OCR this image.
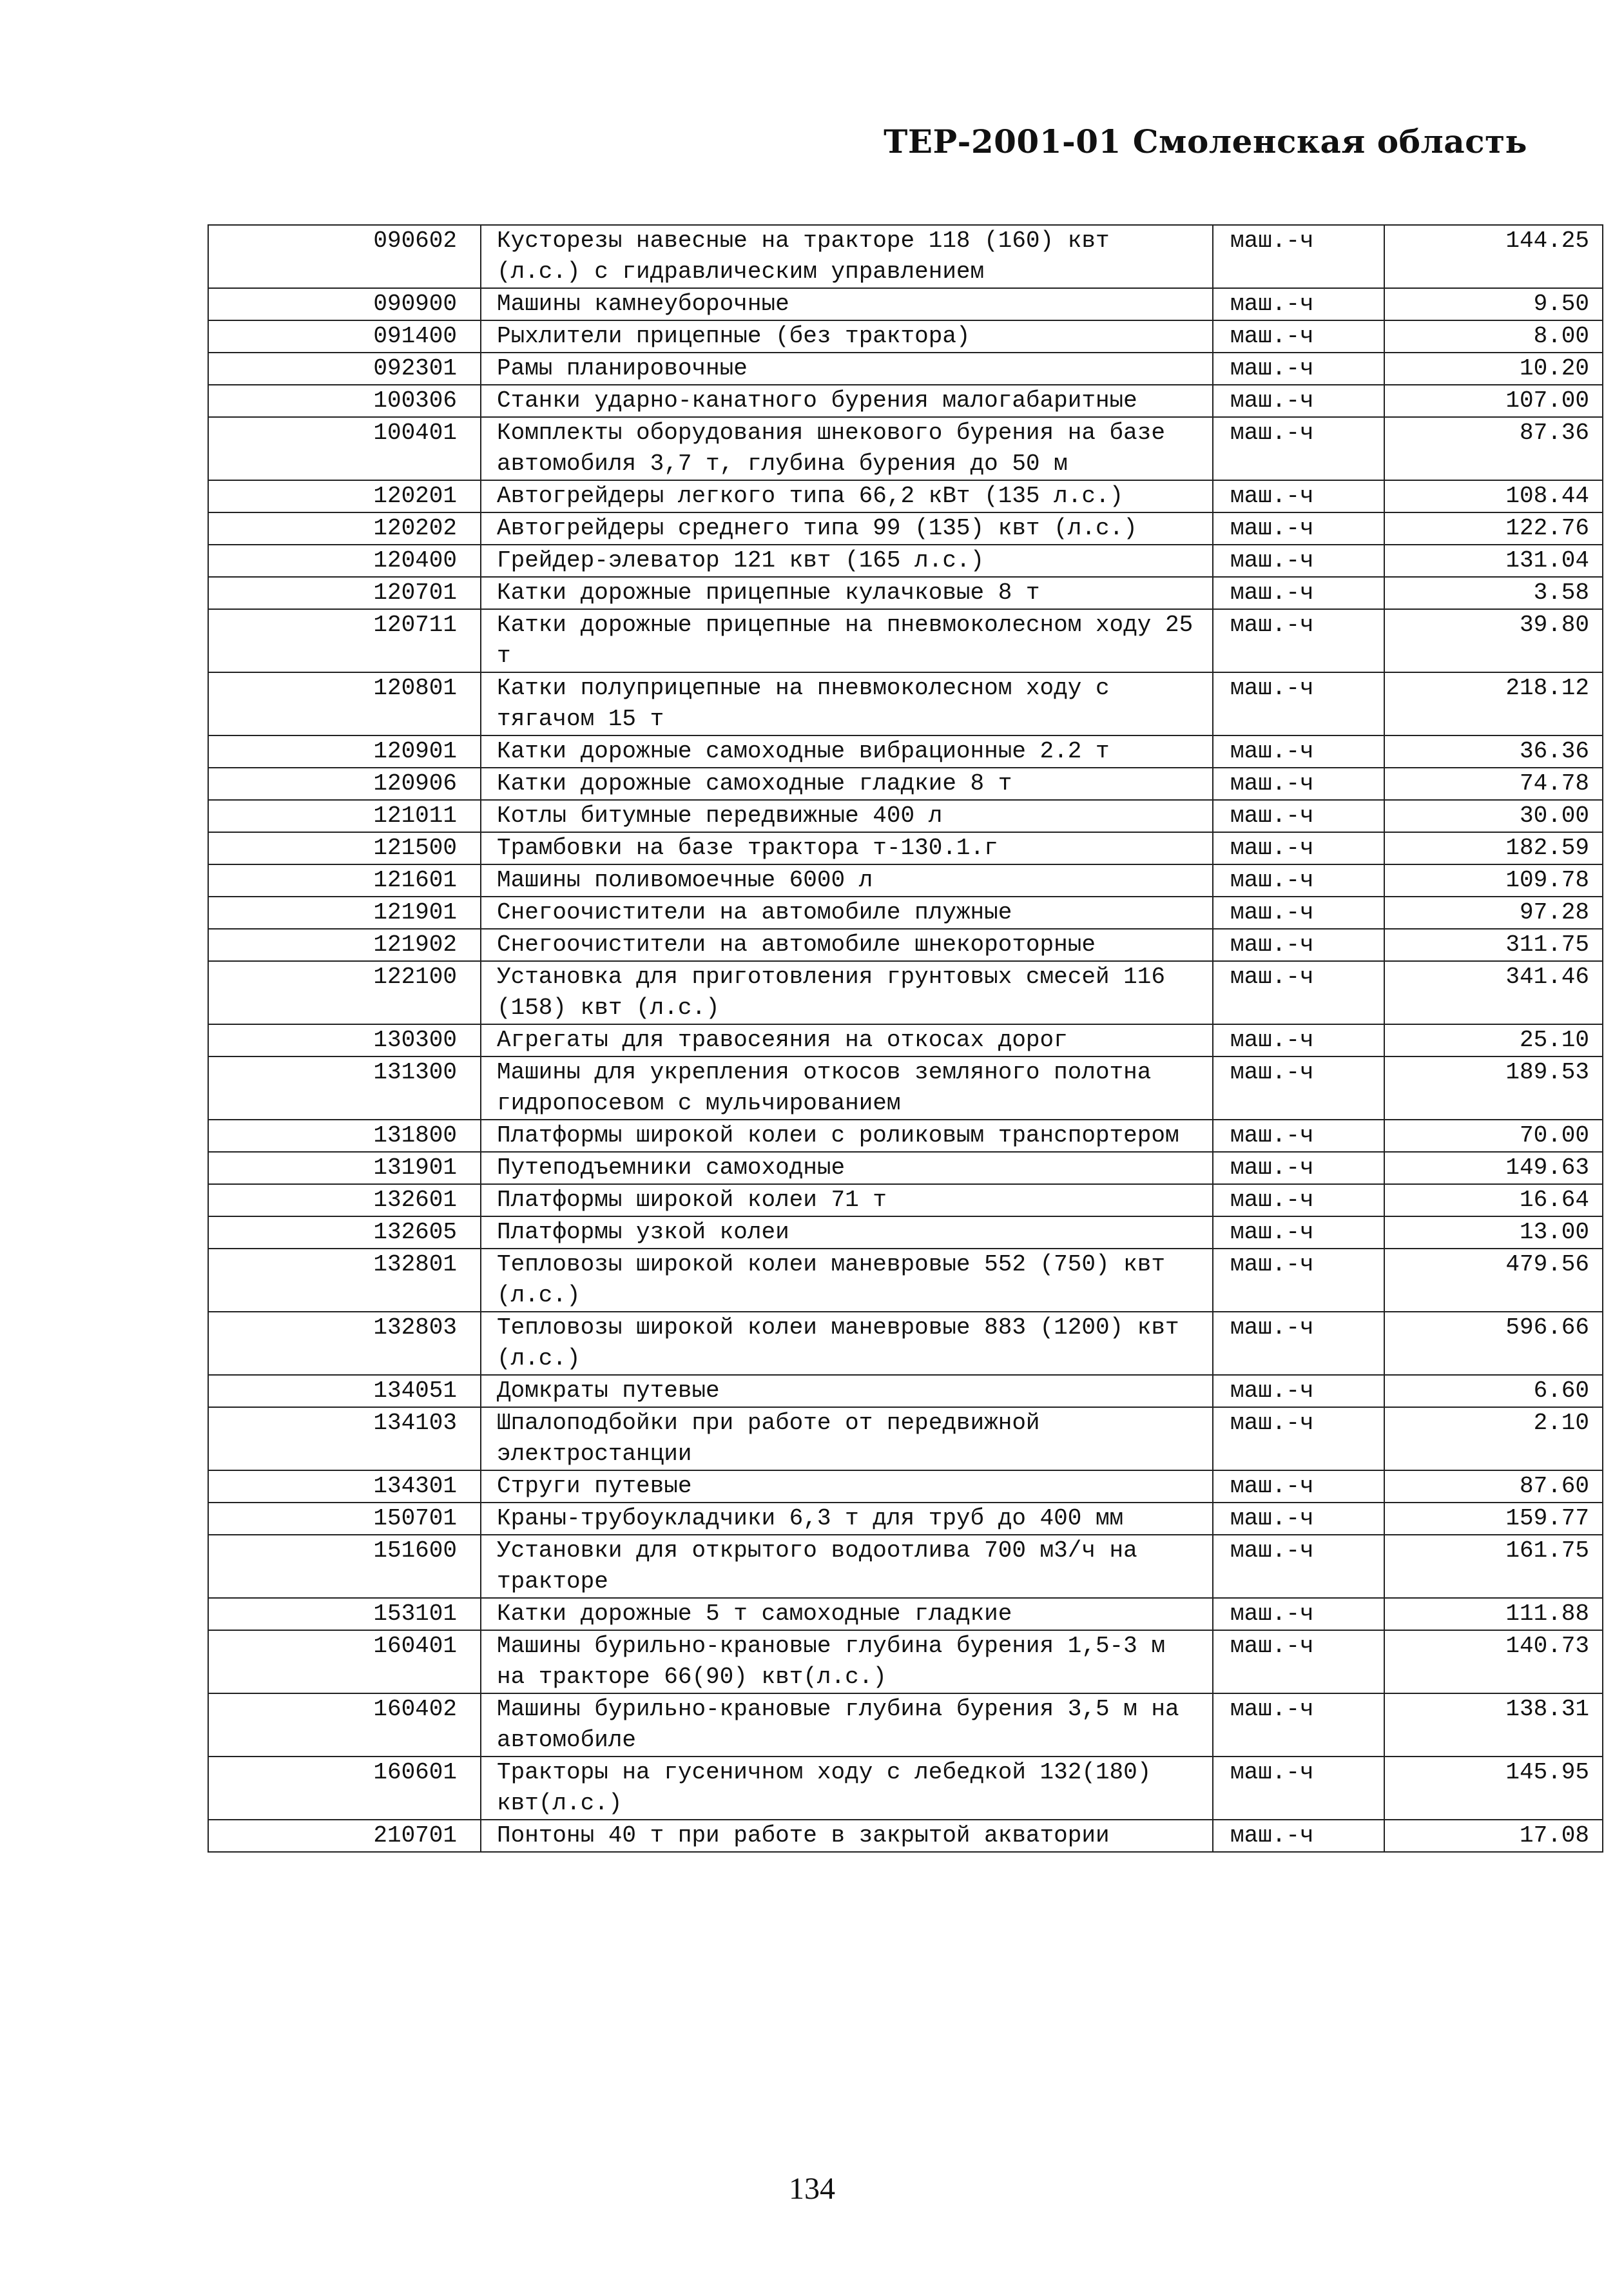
ТЕР-2001-01 Смоленская область
090602	Кусторезы навесные на тракторе 118 (160) квт (л.с.) с гидравлическим управлением	маш.-ч	144.25
090900	Машины камнеуборочные	маш.-ч	9.50
091400	Рыхлители прицепные (без трактора)	маш.-ч	8.00
092301	Рамы планировочные	маш.-ч	10.20
100306	Станки ударно-канатного бурения малогабаритные	маш.-ч	107.00
100401	Комплекты оборудования шнекового бурения на базе автомобиля 3,7 т, глубина бурения до 50 м	маш.-ч	87.36
120201	Автогрейдеры легкого типа 66,2 кВт (135 л.с.)	маш.-ч	108.44
120202	Автогрейдеры среднего типа 99 (135) квт (л.с.)	маш.-ч	122.76
120400	Грейдер-элеватор 121 квт (165 л.с.)	маш.-ч	131.04
120701	Катки дорожные прицепные кулачковые 8 т	маш.-ч	3.58
120711	Катки дорожные прицепные на пневмоколесном ходу 25 т	маш.-ч	39.80
120801	Катки полуприцепные на пневмоколесном ходу с тягачом 15 т	маш.-ч	218.12
120901	Катки дорожные самоходные вибрационные 2.2 т	маш.-ч	36.36
120906	Катки дорожные самоходные гладкие 8 т	маш.-ч	74.78
121011	Котлы битумные передвижные 400 л	маш.-ч	30.00
121500	Трамбовки на базе трактора т-130.1.г	маш.-ч	182.59
121601	Машины поливомоечные 6000 л	маш.-ч	109.78
121901	Снегоочистители на автомобиле плужные	маш.-ч	97.28
121902	Снегоочистители на автомобиле шнекороторные	маш.-ч	311.75
122100	Установка для приготовления грунтовых смесей 116 (158) квт (л.с.)	маш.-ч	341.46
130300	Агрегаты для травосеяния на откосах дорог	маш.-ч	25.10
131300	Машины для укрепления откосов земляного полотна гидропосевом с мульчированием	маш.-ч	189.53
131800	Платформы широкой колеи с роликовым транспортером	маш.-ч	70.00
131901	Путеподъемники самоходные	маш.-ч	149.63
132601	Платформы широкой колеи 71 т	маш.-ч	16.64
132605	Платформы узкой колеи	маш.-ч	13.00
132801	Тепловозы широкой колеи маневровые 552 (750) квт (л.с.)	маш.-ч	479.56
132803	Тепловозы широкой колеи маневровые 883 (1200) квт (л.с.)	маш.-ч	596.66
134051	Домкраты путевые	маш.-ч	6.60
134103	Шпалоподбойки при работе от передвижной электростанции	маш.-ч	2.10
134301	Струги путевые	маш.-ч	87.60
150701	Краны-трубоукладчики 6,3 т для труб до 400 мм	маш.-ч	159.77
151600	Установки для открытого водоотлива 700 м3/ч на тракторе	маш.-ч	161.75
153101	Катки дорожные 5 т самоходные гладкие	маш.-ч	111.88
160401	Машины бурильно-крановые глубина бурения 1,5-3 м на тракторе 66(90) квт(л.с.)	маш.-ч	140.73
160402	Машины бурильно-крановые глубина бурения 3,5 м на автомобиле	маш.-ч	138.31
160601	Тракторы на гусеничном ходу с лебедкой 132(180) квт(л.с.)	маш.-ч	145.95
210701	Понтоны 40 т при работе в закрытой акватории	маш.-ч	17.08
134
